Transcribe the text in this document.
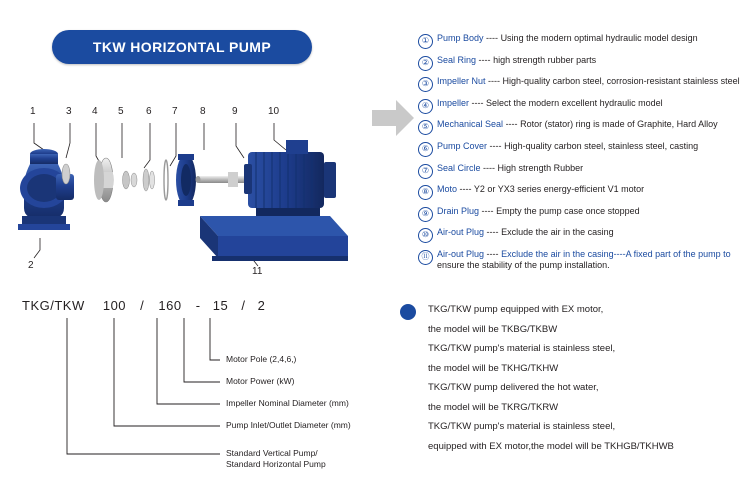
TKW HORIZONTAL PUMP
1	3 4 5 6 7 8	9	10
2
11
① Pump Body ---- Using the modern optimal hydraulic model design
② Seal Ring ---- high strength rubber parts
③ Impeller Nut ---- High-quality carbon steel, corrosion-resistant stainless steel
④ Impeller ---- Select the modern excellent hydraulic model
⑤ Mechanical Seal ---- Rotor (stator) ring is made of Graphite, Hard Alloy
⑥ Pump Cover ---- High-quality carbon steel, stainless steel, casting
⑦ Seal Circle ---- High strength Rubber
⑧ Moto ---- Y2 or YX3 series energy-efficient V1 motor
⑨ Drain Plug ---- Empty the pump case once stopped
⑩ Air-out Plug ---- Exclude the air in the casing
⑪ Air-out Plug ---- Exclude the air in the casing----A fixed part of the pump to
ensure the stability of the pump installation.
TKG/TKW 100 / 160 - 15 / 2
Motor Pole (2,4,6,)
Motor Power (kW)
Impeller Nominal Diameter (mm)
Pump Inlet/Outlet Diameter (mm)
Standard Vertical Pump/
Standard Horizontal Pump
TKG/TKW pump equipped with EX motor,
the model will be TKBG/TKBW
TKG/TKW pump's material is stainless steel,
the model will be TKHG/TKHW
TKG/TKW pump delivered the hot water,
the model will be TKRG/TKRW
TKG/TKW pump's material is stainless steel,
equipped with EX motor,the model will be TKHGB/TKHWB
